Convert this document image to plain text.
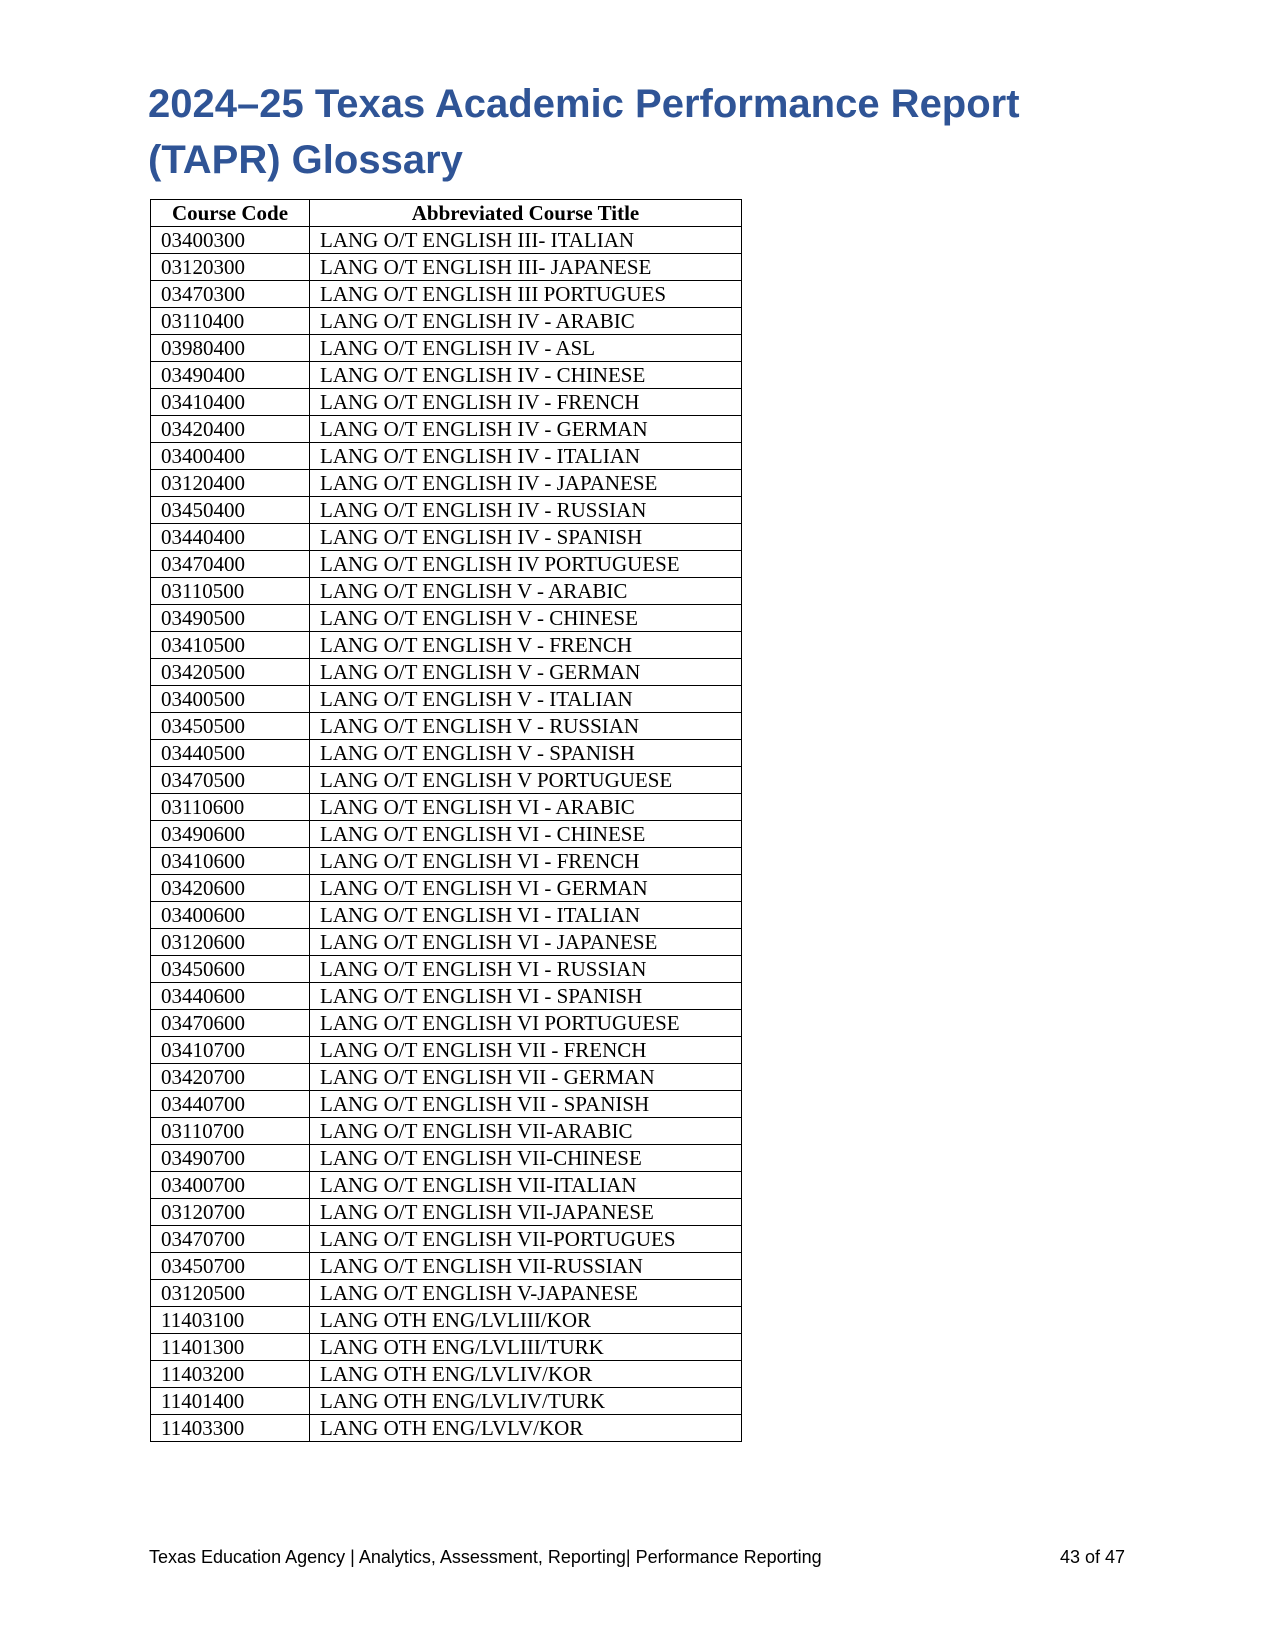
2024–25 Texas Academic Performance Report (TAPR) Glossary
Course Code	Abbreviated Course Title
03400300	LANG O/T ENGLISH III- ITALIAN
03120300	LANG O/T ENGLISH III- JAPANESE
03470300	LANG O/T ENGLISH III PORTUGUES
03110400	LANG O/T ENGLISH IV - ARABIC
03980400	LANG O/T ENGLISH IV - ASL
03490400	LANG O/T ENGLISH IV - CHINESE
03410400	LANG O/T ENGLISH IV - FRENCH
03420400	LANG O/T ENGLISH IV - GERMAN
03400400	LANG O/T ENGLISH IV - ITALIAN
03120400	LANG O/T ENGLISH IV - JAPANESE
03450400	LANG O/T ENGLISH IV - RUSSIAN
03440400	LANG O/T ENGLISH IV - SPANISH
03470400	LANG O/T ENGLISH IV PORTUGUESE
03110500	LANG O/T ENGLISH V - ARABIC
03490500	LANG O/T ENGLISH V - CHINESE
03410500	LANG O/T ENGLISH V - FRENCH
03420500	LANG O/T ENGLISH V - GERMAN
03400500	LANG O/T ENGLISH V - ITALIAN
03450500	LANG O/T ENGLISH V - RUSSIAN
03440500	LANG O/T ENGLISH V - SPANISH
03470500	LANG O/T ENGLISH V PORTUGUESE
03110600	LANG O/T ENGLISH VI - ARABIC
03490600	LANG O/T ENGLISH VI - CHINESE
03410600	LANG O/T ENGLISH VI - FRENCH
03420600	LANG O/T ENGLISH VI - GERMAN
03400600	LANG O/T ENGLISH VI - ITALIAN
03120600	LANG O/T ENGLISH VI - JAPANESE
03450600	LANG O/T ENGLISH VI - RUSSIAN
03440600	LANG O/T ENGLISH VI - SPANISH
03470600	LANG O/T ENGLISH VI PORTUGUESE
03410700	LANG O/T ENGLISH VII - FRENCH
03420700	LANG O/T ENGLISH VII - GERMAN
03440700	LANG O/T ENGLISH VII - SPANISH
03110700	LANG O/T ENGLISH VII-ARABIC
03490700	LANG O/T ENGLISH VII-CHINESE
03400700	LANG O/T ENGLISH VII-ITALIAN
03120700	LANG O/T ENGLISH VII-JAPANESE
03470700	LANG O/T ENGLISH VII-PORTUGUES
03450700	LANG O/T ENGLISH VII-RUSSIAN
03120500	LANG O/T ENGLISH V-JAPANESE
11403100	LANG OTH ENG/LVLIII/KOR
11401300	LANG OTH ENG/LVLIII/TURK
11403200	LANG OTH ENG/LVLIV/KOR
11401400	LANG OTH ENG/LVLIV/TURK
11403300	LANG OTH ENG/LVLV/KOR
Texas Education Agency | Analytics, Assessment, Reporting| Performance Reporting	43 of 47
